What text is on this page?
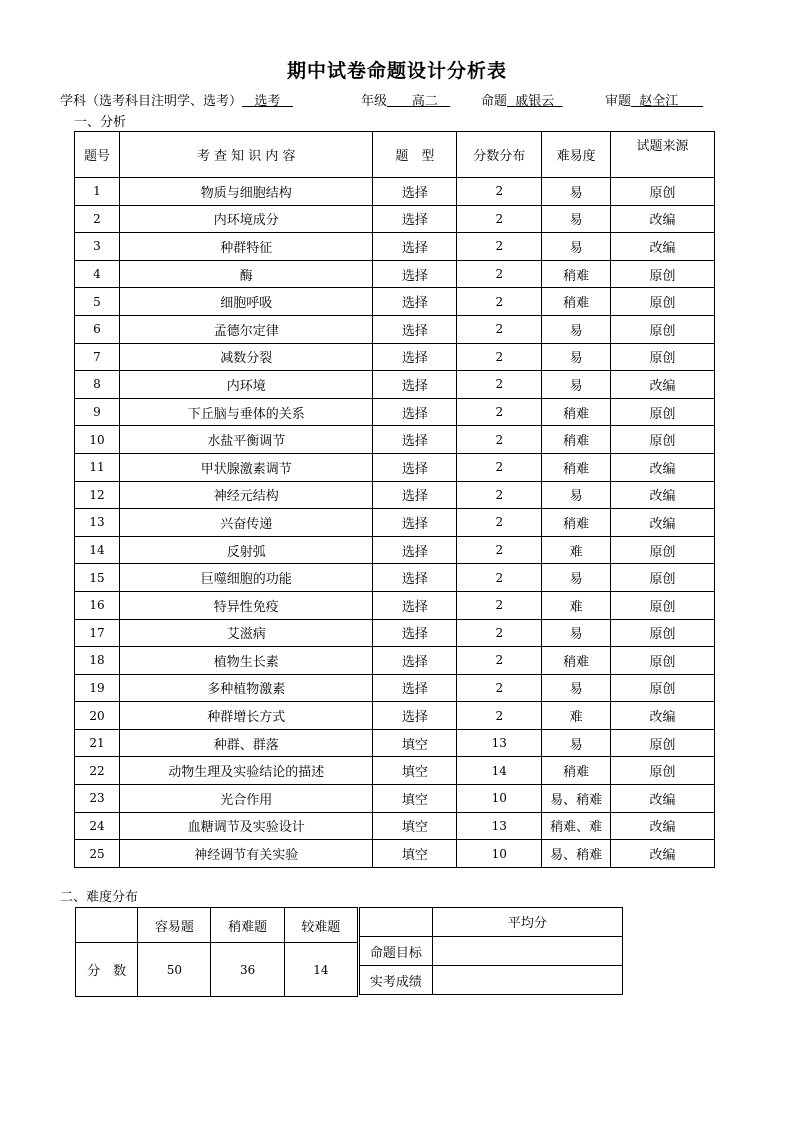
期中试卷命题设计分析表
学科（选考科目注明学、选考） 选考	年级 高二	命题 戚银云	审题 赵全江
一、分析
题号	考 查 知 识 内 容	题　型	分数分布	难易度	试题来源
1	物质与细胞结构	选择	2	易	原创
2	内环境成分	选择	2	易	改编
3	种群特征	选择	2	易	改编
4	酶	选择	2	稍难	原创
5	细胞呼吸	选择	2	稍难	原创
6	孟德尔定律	选择	2	易	原创
7	减数分裂	选择	2	易	原创
8	内环境	选择	2	易	改编
9	下丘脑与垂体的关系	选择	2	稍难	原创
10	水盐平衡调节	选择	2	稍难	原创
11	甲状腺激素调节	选择	2	稍难	改编
12	神经元结构	选择	2	易	改编
13	兴奋传递	选择	2	稍难	改编
14	反射弧	选择	2	难	原创
15	巨噬细胞的功能	选择	2	易	原创
16	特异性免疫	选择	2	难	原创
17	艾滋病	选择	2	易	原创
18	植物生长素	选择	2	稍难	原创
19	多种植物激素	选择	2	易	原创
20	种群增长方式	选择	2	难	改编
21	种群、群落	填空	13	易	原创
22	动物生理及实验结论的描述	填空	14	稍难	原创
23	光合作用	填空	10	易、稍难	改编
24	血糖调节及实验设计	填空	13	稍难、难	改编
25	神经调节有关实验	填空	10	易、稍难	改编
二、难度分布
	容易题	稍难题	较难题
分　数	50	36	14
	平均分
命题目标	
实考成绩	
